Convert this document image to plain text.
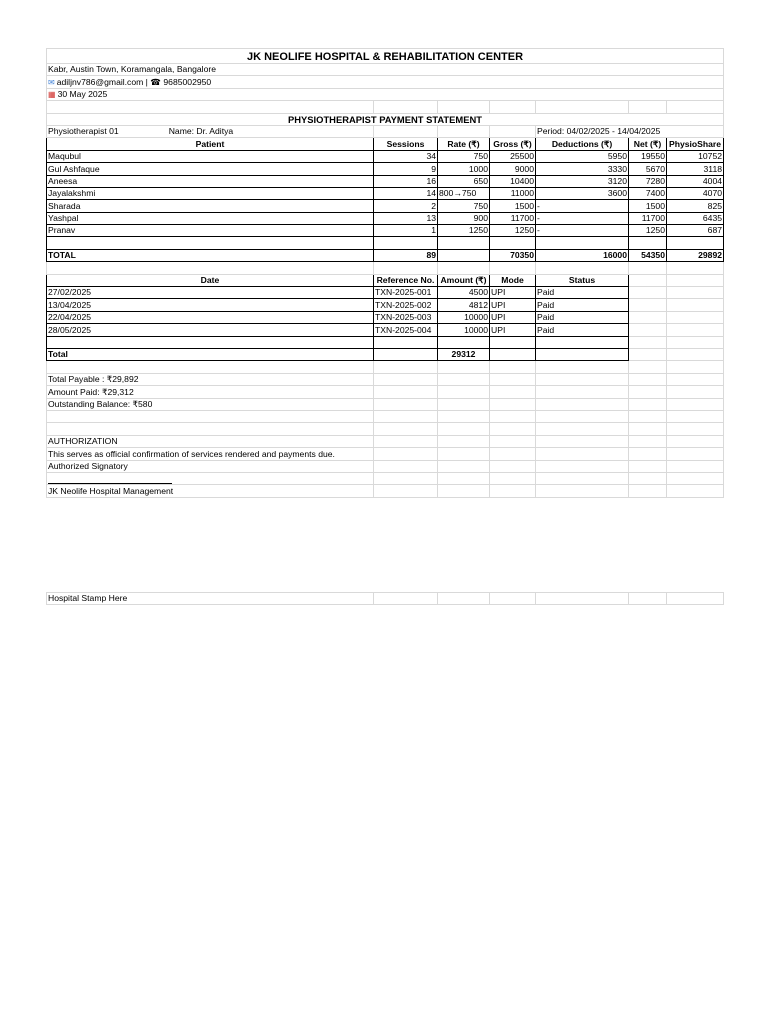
JK NEOLIFE HOSPITAL & REHABILITATION CENTER						
Kabr, Austin Town, Koramangala, Bangalore						
✉ adiljnv786@gmail.com | ☎ 9685002950						
▦ 30 May 2025						

PHYSIOTHERAPIST PAYMENT STATEMENT						
Physiotherapist 01 Name: Dr. Aditya				Period: 04/02/2025 - 14/04/2025		
Patient	Sessions	Rate (₹)	Gross (₹)	Deductions (₹)	Net (₹)	PhysioShare
Maqubul	34	750	25500	5950	19550	10752
Gul Ashfaque	9	1000	9000	3330	5670	3118
Aneesa	16	650	10400	3120	7280	4004
Jayalakshmi	14	800→750	11000	3600	7400	4070
Sharada	2	750	1500	-	1500	825
Yashpal	13	900	11700	-	11700	6435
Pranav	1	1250	1250	-	1250	687

TOTAL	89		70350	16000	54350	29892

Date	Reference No.	Amount (₹)	Mode	Status		
27/02/2025	TXN-2025-001	4500	UPI	Paid		
13/04/2025	TXN-2025-002	4812	UPI	Paid		
22/04/2025	TXN-2025-003	10000	UPI	Paid		
28/05/2025	TXN-2025-004	10000	UPI	Paid		

Total		29312				

Total Payable : ₹29,892						
Amount Paid: ₹29,312						
Outstanding Balance: ₹580						

AUTHORIZATION						
This serves as official confirmation of services rendered and payments due.						
Authorized Signatory						

JK Neolife Hospital Management						
Hospital Stamp Here						
